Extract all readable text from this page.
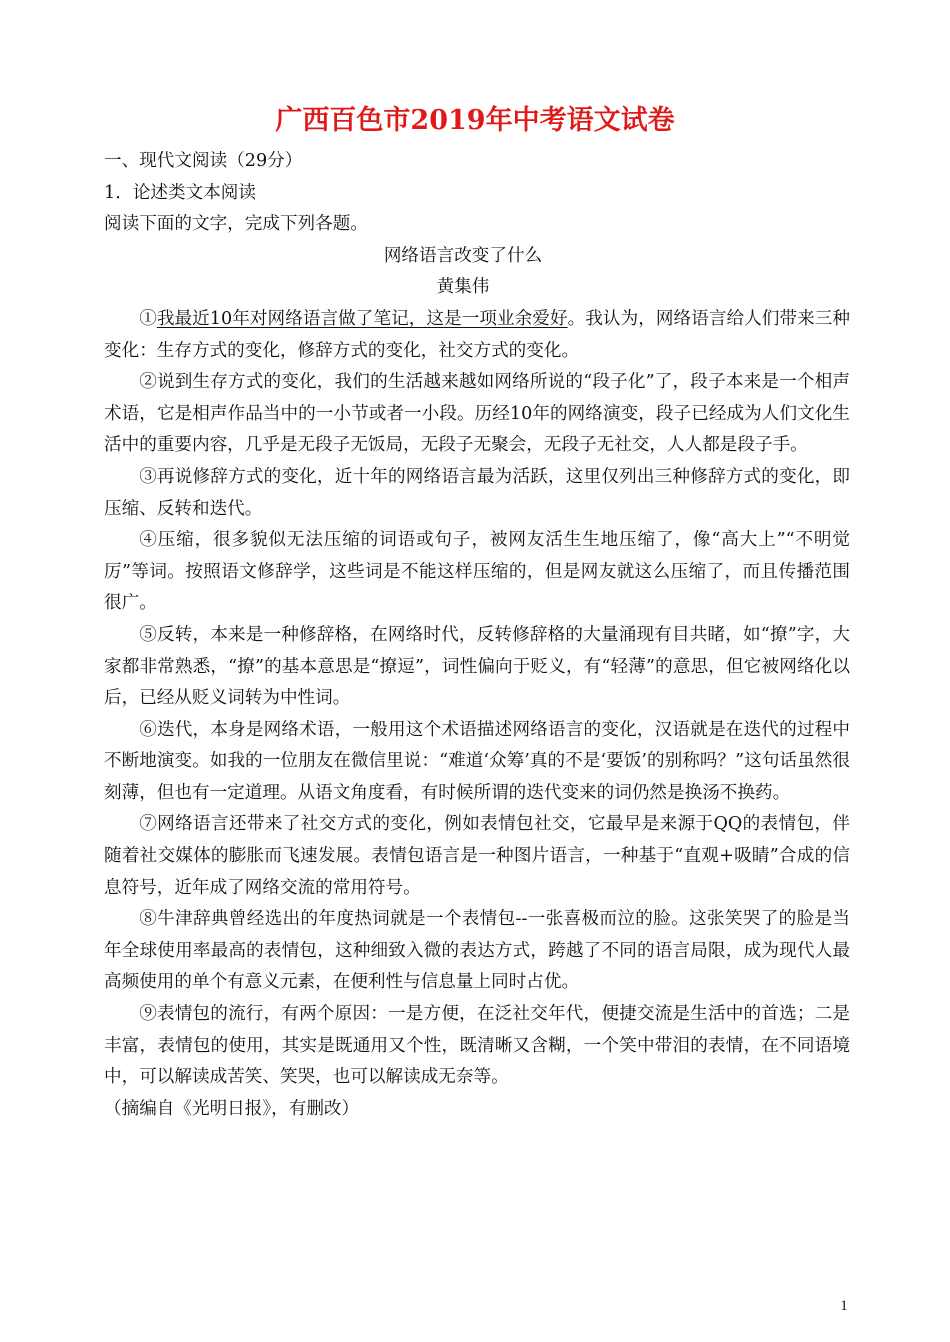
广西百色市2019年中考语文试卷

一、现代文阅读（29分）

1．论述类文本阅读

阅读下面的文字，完成下列各题。

网络语言改变了什么

黄集伟

①我最近10年对网络语言做了笔记，这是一项业余爱好。我认为，网络语言给人们带来三种变化：生存方式的变化，修辞方式的变化，社交方式的变化。

②说到生存方式的变化，我们的生活越来越如网络所说的“段子化”了，段子本来是一个相声术语，它是相声作品当中的一小节或者一小段。历经10年的网络演变，段子已经成为人们文化生活中的重要内容，几乎是无段子无饭局，无段子无聚会，无段子无社交，人人都是段子手。

③再说修辞方式的变化，近十年的网络语言最为活跃，这里仅列出三种修辞方式的变化，即压缩、反转和迭代。

④压缩，很多貌似无法压缩的词语或句子，被网友活生生地压缩了，像“高大上”“不明觉厉”等词。按照语文修辞学，这些词是不能这样压缩的，但是网友就这么压缩了，而且传播范围很广。

⑤反转，本来是一种修辞格，在网络时代，反转修辞格的大量涌现有目共睹，如“撩”字，大家都非常熟悉，“撩”的基本意思是“撩逗”，词性偏向于贬义，有“轻薄”的意思，但它被网络化以后，已经从贬义词转为中性词。

⑥迭代，本身是网络术语，一般用这个术语描述网络语言的变化，汉语就是在迭代的过程中不断地演变。如我的一位朋友在微信里说：“难道‘众筹’真的不是‘要饭’的别称吗？”这句话虽然很刻薄，但也有一定道理。从语文角度看，有时候所谓的迭代变来的词仍然是换汤不换药。

⑦网络语言还带来了社交方式的变化，例如表情包社交，它最早是来源于QQ的表情包，伴随着社交媒体的膨胀而飞速发展。表情包语言是一种图片语言，一种基于“直观+吸睛”合成的信息符号，近年成了网络交流的常用符号。

⑧牛津辞典曾经选出的年度热词就是一个表情包--一张喜极而泣的脸。这张笑哭了的脸是当年全球使用率最高的表情包，这种细致入微的表达方式，跨越了不同的语言局限，成为现代人最高频使用的单个有意义元素，在便利性与信息量上同时占优。

⑨表情包的流行，有两个原因：一是方便，在泛社交年代，便捷交流是生活中的首选；二是丰富，表情包的使用，其实是既通用又个性，既清晰又含糊，一个笑中带泪的表情，在不同语境中，可以解读成苦笑、笑哭，也可以解读成无奈等。

（摘编自《光明日报》，有删改）

1
